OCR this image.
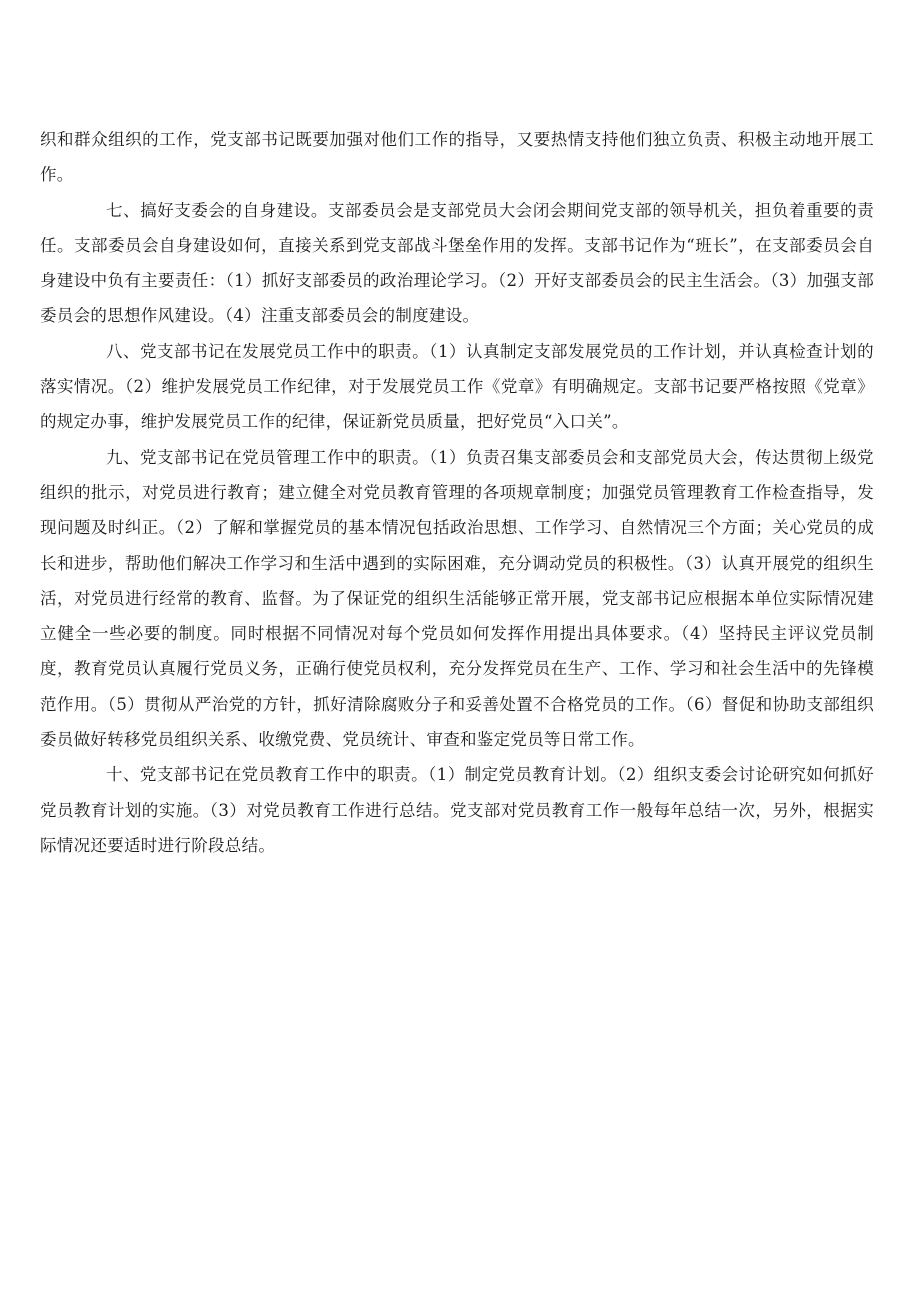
织和群众组织的工作，党支部书记既要加强对他们工作的指导，又要热情支持他们独立负责、积极主动地开展工作。

七、搞好支委会的自身建设。支部委员会是支部党员大会闭会期间党支部的领导机关，担负着重要的责任。支部委员会自身建设如何，直接关系到党支部战斗堡垒作用的发挥。支部书记作为“班长”，在支部委员会自身建设中负有主要责任：（1）抓好支部委员的政治理论学习。（2）开好支部委员会的民主生活会。（3）加强支部委员会的思想作风建设。（4）注重支部委员会的制度建设。

八、党支部书记在发展党员工作中的职责。（1）认真制定支部发展党员的工作计划，并认真检查计划的落实情况。（2）维护发展党员工作纪律，对于发展党员工作《党章》有明确规定。支部书记要严格按照《党章》的规定办事，维护发展党员工作的纪律，保证新党员质量，把好党员“入口关”。

九、党支部书记在党员管理工作中的职责。（1）负责召集支部委员会和支部党员大会，传达贯彻上级党组织的批示，对党员进行教育；建立健全对党员教育管理的各项规章制度；加强党员管理教育工作检查指导，发现问题及时纠正。（2）了解和掌握党员的基本情况包括政治思想、工作学习、自然情况三个方面；关心党员的成长和进步，帮助他们解决工作学习和生活中遇到的实际困难，充分调动党员的积极性。（3）认真开展党的组织生活，对党员进行经常的教育、监督。为了保证党的组织生活能够正常开展，党支部书记应根据本单位实际情况建立健全一些必要的制度。同时根据不同情况对每个党员如何发挥作用提出具体要求。（4）坚持民主评议党员制度，教育党员认真履行党员义务，正确行使党员权利，充分发挥党员在生产、工作、学习和社会生活中的先锋模范作用。（5）贯彻从严治党的方针，抓好清除腐败分子和妥善处置不合格党员的工作。（6）督促和协助支部组织委员做好转移党员组织关系、收缴党费、党员统计、审查和鉴定党员等日常工作。

十、党支部书记在党员教育工作中的职责。（1）制定党员教育计划。（2）组织支委会讨论研究如何抓好党员教育计划的实施。（3）对党员教育工作进行总结。党支部对党员教育工作一般每年总结一次，另外，根据实际情况还要适时进行阶段总结。
